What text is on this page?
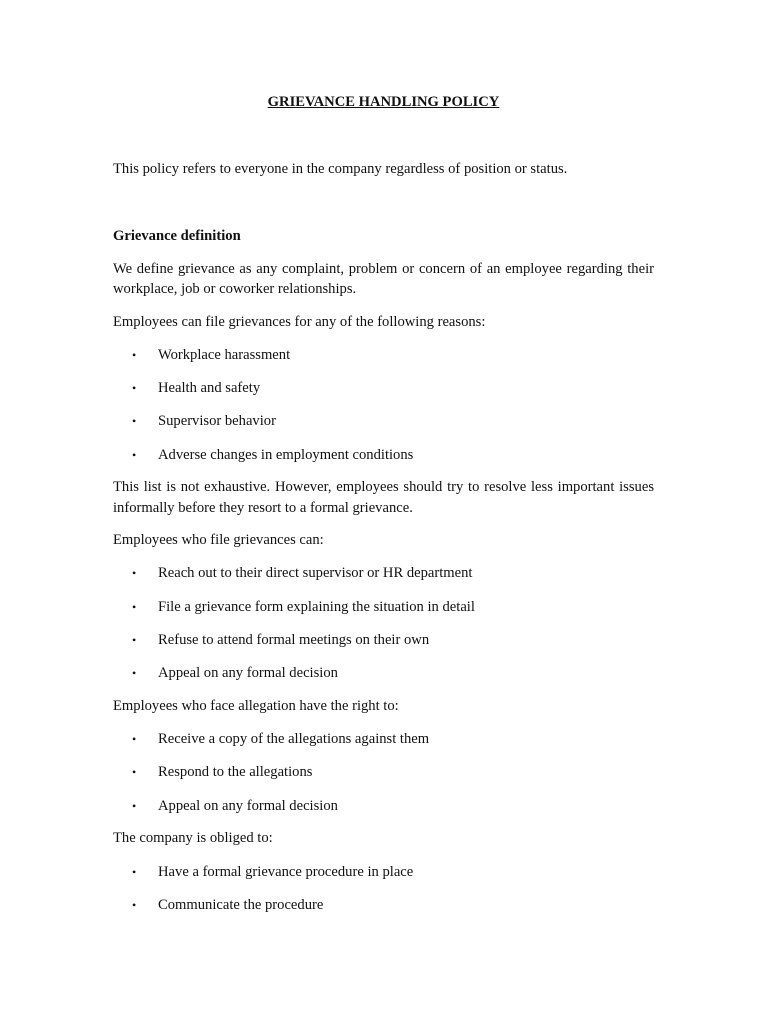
GRIEVANCE HANDLING POLICY

This policy refers to everyone in the company regardless of position or status.

Grievance definition

We define grievance as any complaint, problem or concern of an employee regarding their workplace, job or coworker relationships.

Employees can file grievances for any of the following reasons:

• Workplace harassment
• Health and safety
• Supervisor behavior
• Adverse changes in employment conditions

This list is not exhaustive. However, employees should try to resolve less important issues informally before they resort to a formal grievance.

Employees who file grievances can:

• Reach out to their direct supervisor or HR department
• File a grievance form explaining the situation in detail
• Refuse to attend formal meetings on their own
• Appeal on any formal decision

Employees who face allegation have the right to:

• Receive a copy of the allegations against them
• Respond to the allegations
• Appeal on any formal decision

The company is obliged to:

• Have a formal grievance procedure in place
• Communicate the procedure
